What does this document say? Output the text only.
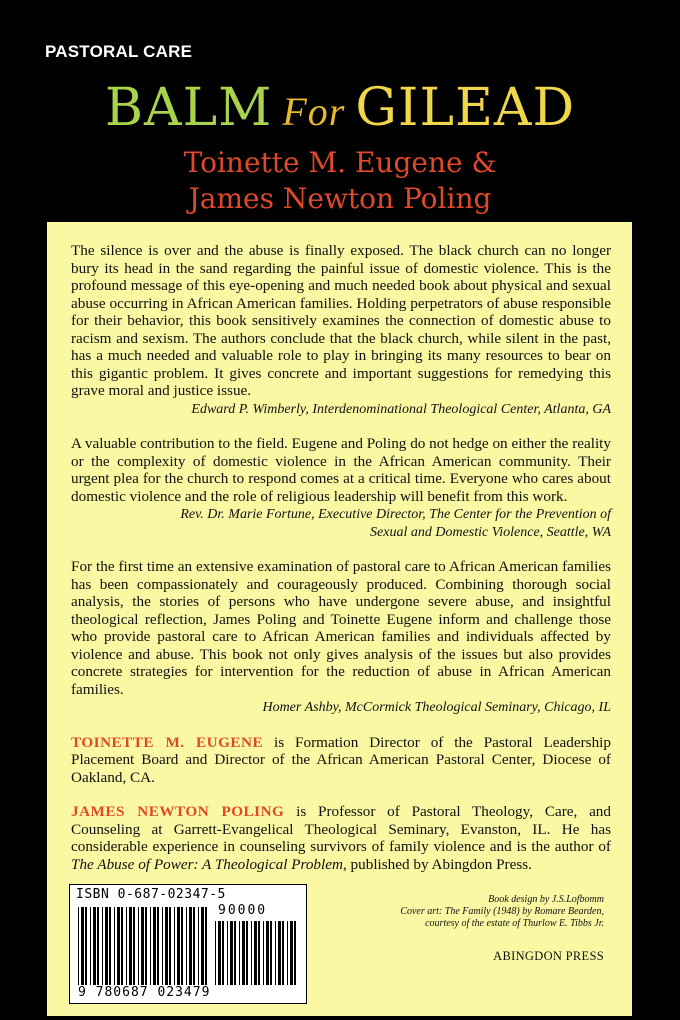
PASTORAL CARE
BALM For GILEAD
Toinette M. Eugene &
James Newton Poling

The silence is over and the abuse is finally exposed. The black church can no longer bury its head in the sand regarding the painful issue of domestic violence. This is the profound message of this eye-opening and much needed book about physical and sexual abuse occurring in African American families. Holding perpetrators of abuse responsible for their behavior, this book sensitively examines the connection of domestic abuse to racism and sexism. The authors conclude that the black church, while silent in the past, has a much needed and valuable role to play in bringing its many resources to bear on this gigantic problem. It gives concrete and important suggestions for remedying this grave moral and justice issue.

Edward P. Wimberly, Interdenominational Theological Center, Atlanta, GA

A valuable contribution to the field. Eugene and Poling do not hedge on either the reality or the complexity of domestic violence in the African American community. Their urgent plea for the church to respond comes at a critical time. Everyone who cares about domestic violence and the role of religious leadership will benefit from this work.

Rev. Dr. Marie Fortune, Executive Director, The Center for the Prevention of
Sexual and Domestic Violence, Seattle, WA

For the first time an extensive examination of pastoral care to African American families has been compassionately and courageously produced. Combining thorough social analysis, the stories of persons who have undergone severe abuse, and insightful theological reflection, James Poling and Toinette Eugene inform and challenge those who provide pastoral care to African American families and individuals affected by violence and abuse. This book not only gives analysis of the issues but also provides concrete strategies for intervention for the reduction of abuse in African American families.

Homer Ashby, McCormick Theological Seminary, Chicago, IL

TOINETTE M. EUGENE is Formation Director of the Pastoral Leadership Placement Board and Director of the African American Pastoral Center, Diocese of Oakland, CA.

JAMES NEWTON POLING is Professor of Pastoral Theology, Care, and Counseling at Garrett-Evangelical Theological Seminary, Evanston, IL. He has considerable experience in counseling survivors of family violence and is the author of The Abuse of Power: A Theological Problem, published by Abingdon Press.

ISBN 0-687-02347-5
90000
9 780687 023479
Book design by J.S.Lofbomm
Cover art: The Family (1948) by Romare Bearden,
courtesy of the estate of Thurlow E. Tibbs Jr.
ABINGDON PRESS
